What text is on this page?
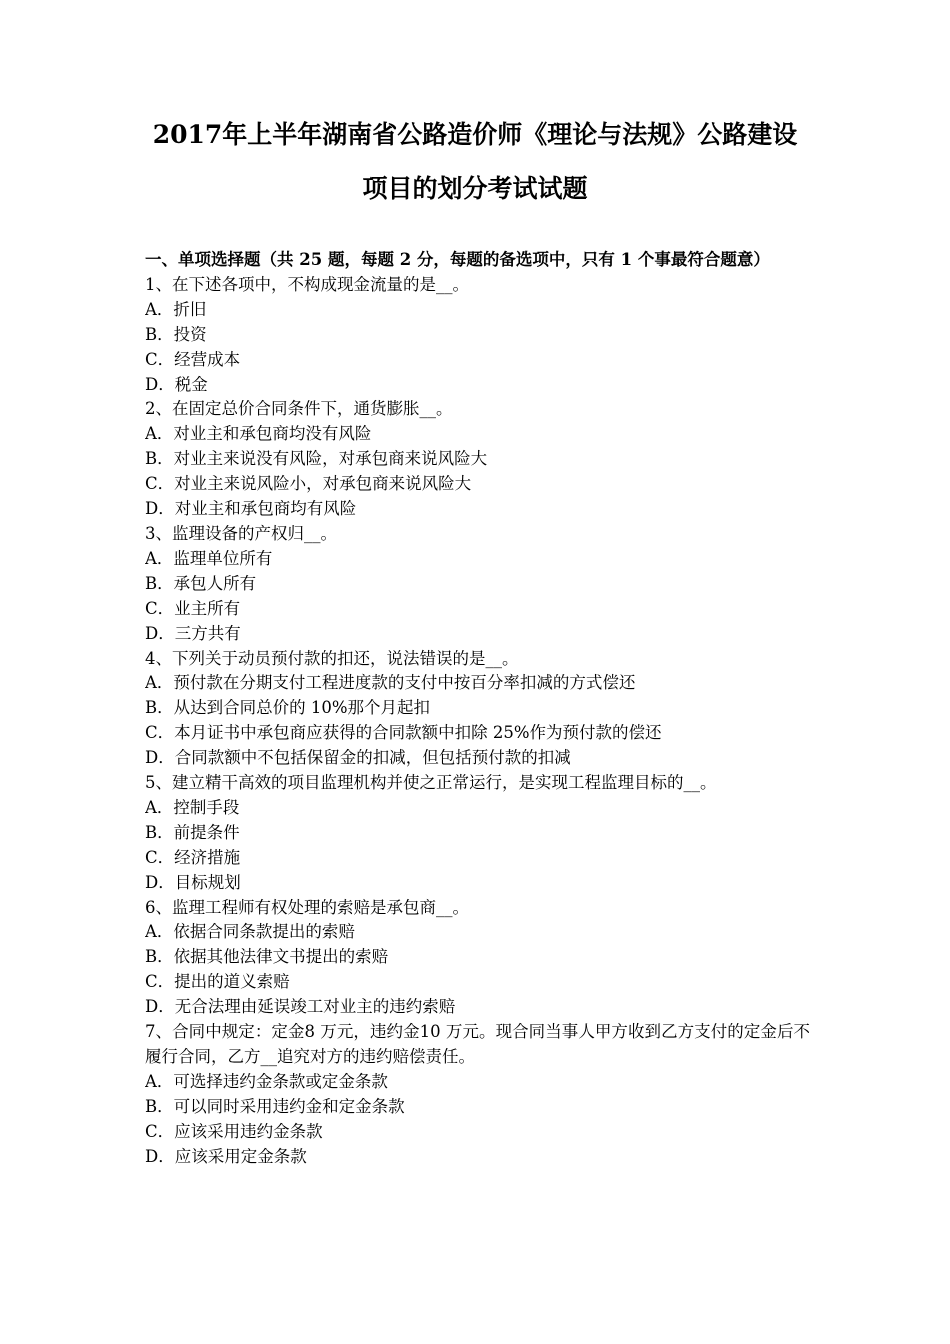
2017年上半年湖南省公路造价师《理论与法规》公路建设
项目的划分考试试题
一、单项选择题（共 25 题，每题 2 分，每题的备选项中，只有 1 个事最符合题意）
1、在下述各项中，不构成现金流量的是__。
A．折旧
B．投资
C．经营成本
D．税金
2、在固定总价合同条件下，通货膨胀__。
A．对业主和承包商均没有风险
B．对业主来说没有风险，对承包商来说风险大
C．对业主来说风险小，对承包商来说风险大
D．对业主和承包商均有风险
3、监理设备的产权归__。
A．监理单位所有
B．承包人所有
C．业主所有
D．三方共有
4、下列关于动员预付款的扣还，说法错误的是__。
A．预付款在分期支付工程进度款的支付中按百分率扣减的方式偿还
B．从达到合同总价的 10%那个月起扣
C．本月证书中承包商应获得的合同款额中扣除 25%作为预付款的偿还
D．合同款额中不包括保留金的扣减，但包括预付款的扣减
5、建立精干高效的项目监理机构并使之正常运行，是实现工程监理目标的__。
A．控制手段
B．前提条件
C．经济措施
D．目标规划
6、监理工程师有权处理的索赔是承包商__。
A．依据合同条款提出的索赔
B．依据其他法律文书提出的索赔
C．提出的道义索赔
D．无合法理由延误竣工对业主的违约索赔
7、合同中规定：定金8 万元，违约金10 万元。现合同当事人甲方收到乙方支付的定金后不履行合同，乙方__追究对方的违约赔偿责任。
A．可选择违约金条款或定金条款
B．可以同时采用违约金和定金条款
C．应该采用违约金条款
D．应该采用定金条款
